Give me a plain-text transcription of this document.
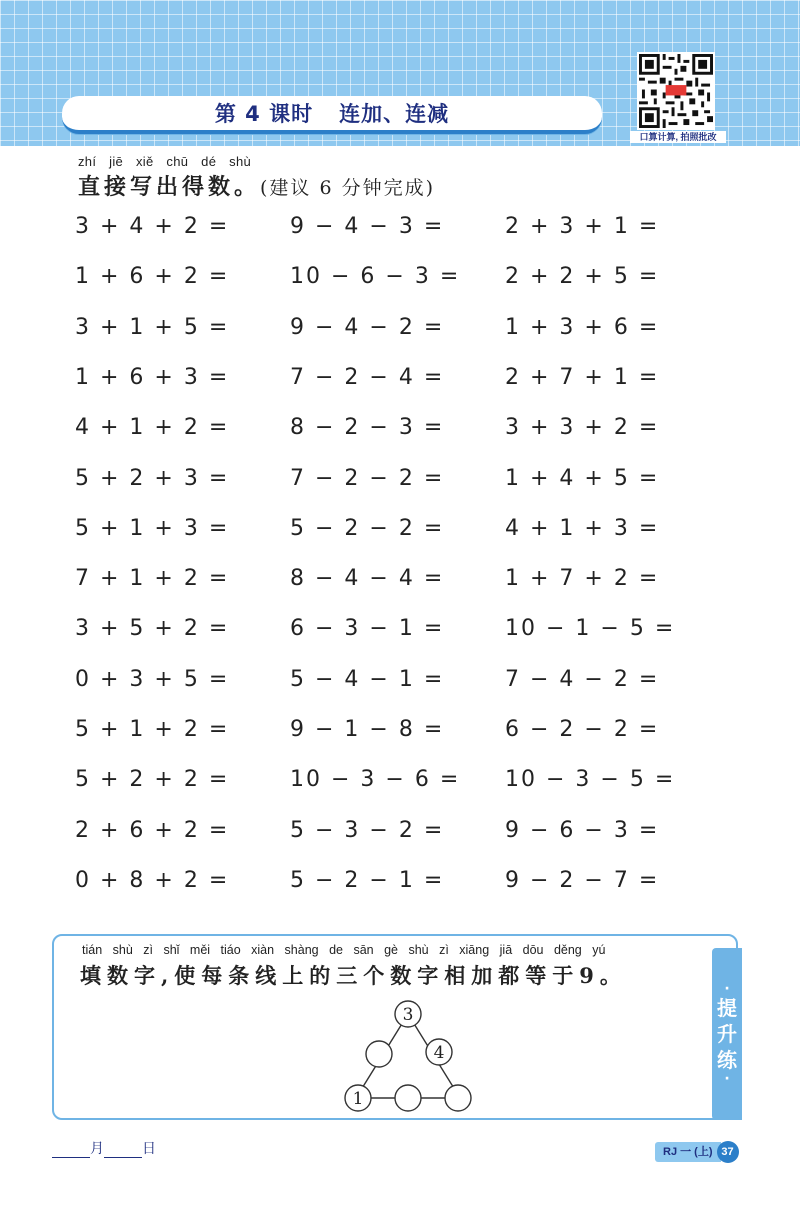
第 4 课时 连加、连减
口算计算, 拍照批改
zhí jiē xiě chū dé shù
直接写出得数。(建议 6 分钟完成)
3 + 4 + 2 =	9 − 4 − 3 =	2 + 3 + 1 =
1 + 6 + 2 =	10 − 6 − 3 = 2 + 2 + 5 =
3 + 1 + 5 =	9 − 4 − 2 =	1 + 3 + 6 =
1 + 6 + 3 =	7 − 2 − 4 =	2 + 7 + 1 =
4 + 1 + 2 =	8 − 2 − 3 =	3 + 3 + 2 =
5 + 2 + 3 =	7 − 2 − 2 =	1 + 4 + 5 =
5 + 1 + 3 =	5 − 2 − 2 =	4 + 1 + 3 =
7 + 1 + 2 =	8 − 4 − 4 =	1 + 7 + 2 =
3 + 5 + 2 =	6 − 3 − 1 =	10 − 1 − 5 =
0 + 3 + 5 =	5 − 4 − 1 =	7 − 4 − 2 =
5 + 1 + 2 =	9 − 1 − 8 =	6 − 2 − 2 =
5 + 2 + 2 =	10 − 3 − 6 = 10 − 3 − 5 =
2 + 6 + 2 =	5 − 3 − 2 =	9 − 6 − 3 =
0 + 8 + 2 =	5 − 2 − 1 =	9 − 2 − 7 =
·
提
升
练
·
tián shù zì shǐ měi tiáo xiàn shàng de sān gè shù zì xiāng jiā dōu děng yú
填数字,使每条线上的三个数字相加都等于9。
3
4
1
月	日	RJ 一 (上) 37
